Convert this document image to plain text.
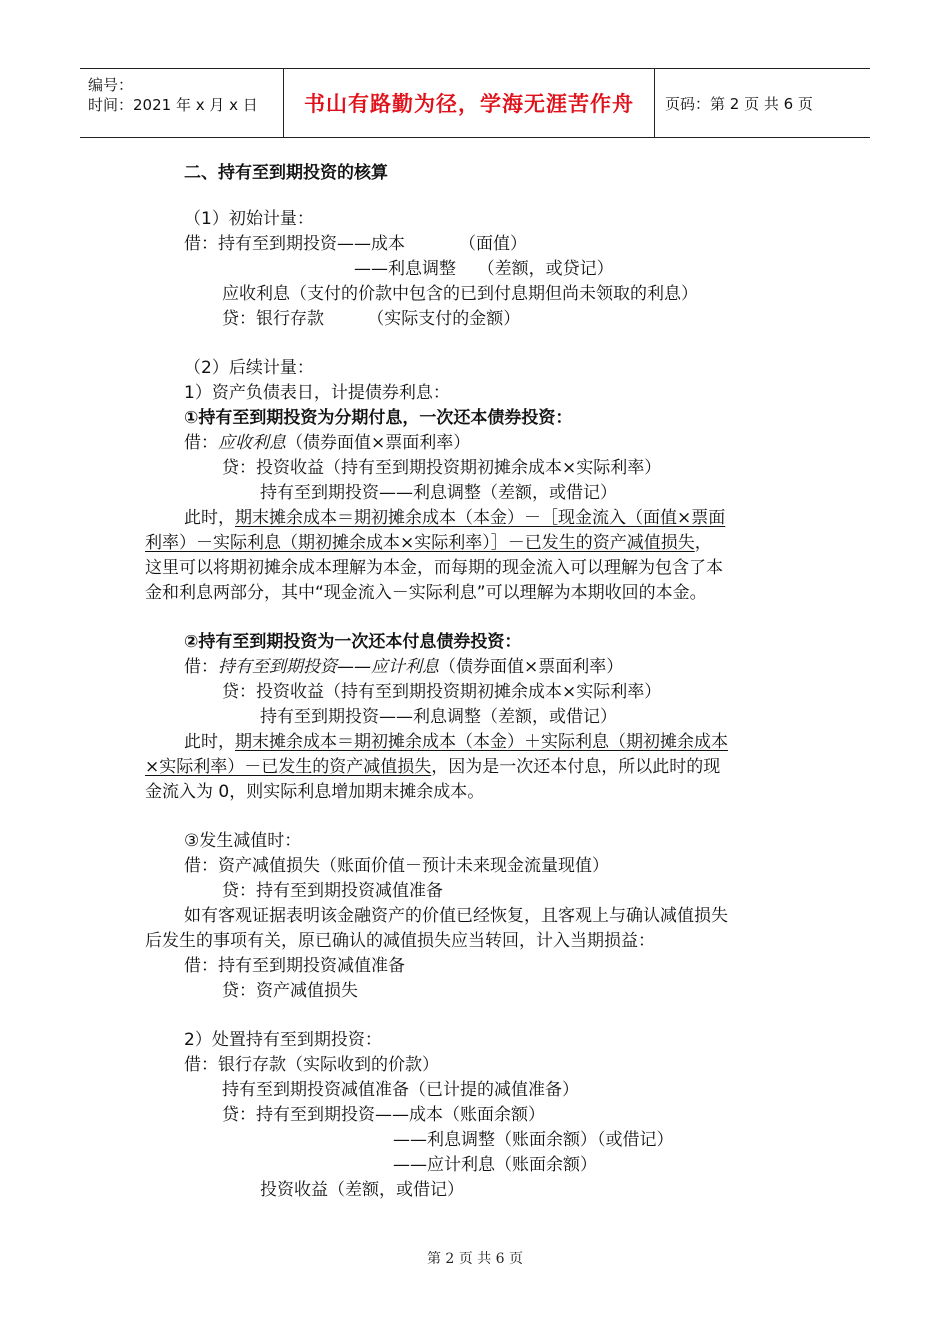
编号：
时间：2021 年 x 月 x 日	书山有路勤为径，学海无涯苦作舟	页码：第 2 页 共 6 页
二、持有至到期投资的核算
（1）初始计量：
借：持有至到期投资——成本          （面值）
——利息调整    （差额，或贷记）
应收利息（支付的价款中包含的已到付息期但尚未领取的利息）
贷：银行存款        （实际支付的金额）
（2）后续计量：
1）资产负债表日，计提债券利息：
①持有至到期投资为分期付息，一次还本债券投资：
借：应收利息（债券面值×票面利率）
贷：投资收益（持有至到期投资期初摊余成本×实际利率）
持有至到期投资——利息调整（差额，或借记）
此时，期末摊余成本＝期初摊余成本（本金）－［现金流入（面值×票面
利率）－实际利息（期初摊余成本×实际利率）］－已发生的资产减值损失，
这里可以将期初摊余成本理解为本金，而每期的现金流入可以理解为包含了本
金和利息两部分，其中“现金流入－实际利息”可以理解为本期收回的本金。
②持有至到期投资为一次还本付息债券投资：
借：持有至到期投资——应计利息（债券面值×票面利率）
贷：投资收益（持有至到期投资期初摊余成本×实际利率）
持有至到期投资——利息调整（差额，或借记）
此时，期末摊余成本＝期初摊余成本（本金）＋实际利息（期初摊余成本
×实际利率）－已发生的资产减值损失，因为是一次还本付息，所以此时的现
金流入为 0，则实际利息增加期末摊余成本。
③发生减值时：
借：资产减值损失（账面价值－预计未来现金流量现值）
贷：持有至到期投资减值准备
如有客观证据表明该金融资产的价值已经恢复，且客观上与确认减值损失
后发生的事项有关，原已确认的减值损失应当转回，计入当期损益：
借：持有至到期投资减值准备
贷：资产减值损失
2）处置持有至到期投资：
借：银行存款（实际收到的价款）
持有至到期投资减值准备（已计提的减值准备）
贷：持有至到期投资——成本（账面余额）
——利息调整（账面余额）（或借记）
——应计利息（账面余额）
投资收益（差额，或借记）
第 2 页 共 6 页
